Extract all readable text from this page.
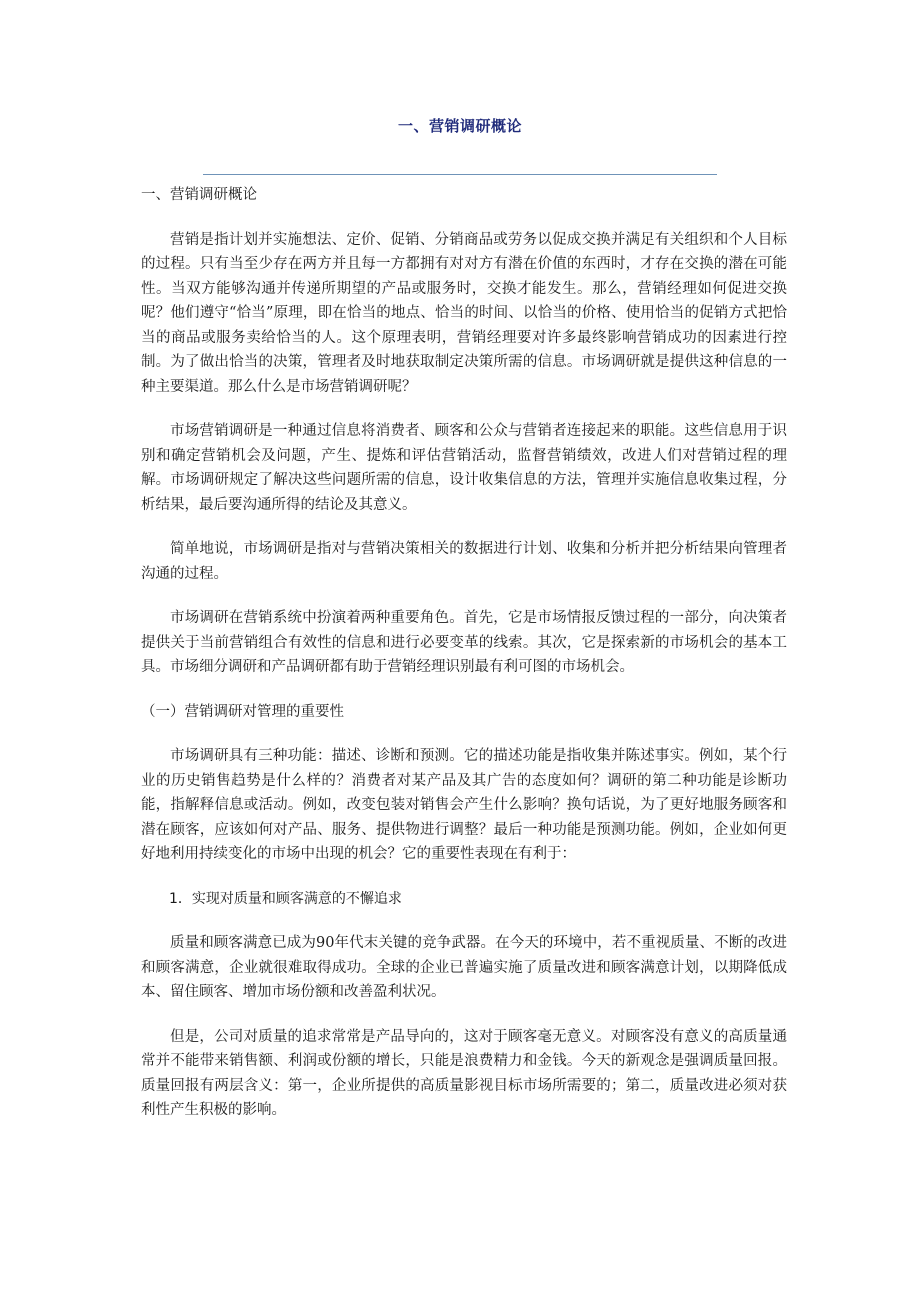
一、营销调研概论

一、营销调研概论

营销是指计划并实施想法、定价、促销、分销商品或劳务以促成交换并满足有关组织和个人目标的过程。只有当至少存在两方并且每一方都拥有对对方有潜在价值的东西时，才存在交换的潜在可能性。当双方能够沟通并传递所期望的产品或服务时，交换才能发生。那么，营销经理如何促进交换呢？他们遵守“恰当”原理，即在恰当的地点、恰当的时间、以恰当的价格、使用恰当的促销方式把恰当的商品或服务卖给恰当的人。这个原理表明，营销经理要对许多最终影响营销成功的因素进行控制。为了做出恰当的决策，管理者及时地获取制定决策所需的信息。市场调研就是提供这种信息的一种主要渠道。那么什么是市场营销调研呢？

市场营销调研是一种通过信息将消费者、顾客和公众与营销者连接起来的职能。这些信息用于识别和确定营销机会及问题，产生、提炼和评估营销活动，监督营销绩效，改进人们对营销过程的理解。市场调研规定了解决这些问题所需的信息，设计收集信息的方法，管理并实施信息收集过程，分析结果，最后要沟通所得的结论及其意义。

简单地说，市场调研是指对与营销决策相关的数据进行计划、收集和分析并把分析结果向管理者沟通的过程。

市场调研在营销系统中扮演着两种重要角色。首先，它是市场情报反馈过程的一部分，向决策者提供关于当前营销组合有效性的信息和进行必要变革的线索。其次，它是探索新的市场机会的基本工具。市场细分调研和产品调研都有助于营销经理识别最有利可图的市场机会。

（一）营销调研对管理的重要性

市场调研具有三种功能：描述、诊断和预测。它的描述功能是指收集并陈述事实。例如，某个行业的历史销售趋势是什么样的？消费者对某产品及其广告的态度如何？调研的第二种功能是诊断功能，指解释信息或活动。例如，改变包装对销售会产生什么影响？换句话说，为了更好地服务顾客和潜在顾客，应该如何对产品、服务、提供物进行调整？最后一种功能是预测功能。例如，企业如何更好地利用持续变化的市场中出现的机会？它的重要性表现在有利于：

1．实现对质量和顾客满意的不懈追求

质量和顾客满意已成为90年代末关键的竞争武器。在今天的环境中，若不重视质量、不断的改进和顾客满意，企业就很难取得成功。全球的企业已普遍实施了质量改进和顾客满意计划，以期降低成本、留住顾客、增加市场份额和改善盈利状况。

但是，公司对质量的追求常常是产品导向的，这对于顾客毫无意义。对顾客没有意义的高质量通常并不能带来销售额、利润或份额的增长，只能是浪费精力和金钱。今天的新观念是强调质量回报。质量回报有两层含义：第一，企业所提供的高质量影视目标市场所需要的；第二，质量改进必须对获利性产生积极的影响。
